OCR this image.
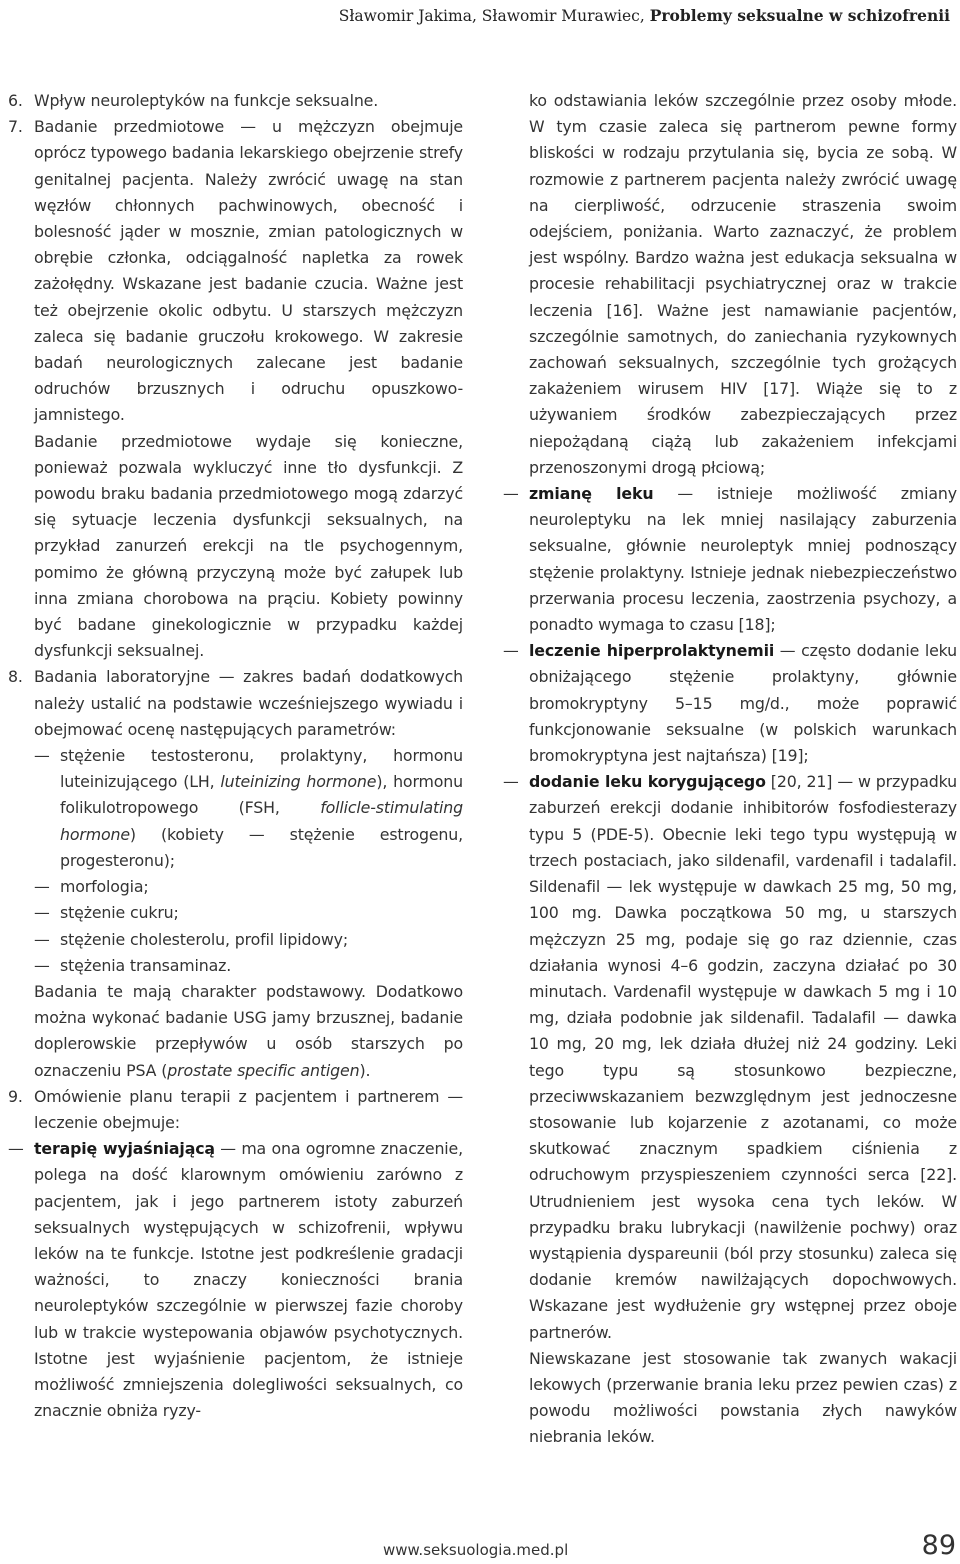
Sławomir Jakima, Sławomir Murawiec, Problemy seksualne w schizofrenii
6. Wpływ neuroleptyków na funkcje seksualne.
7. Badanie przedmiotowe — u mężczyzn obejmuje oprócz typowego badania lekarskiego obejrzenie strefy genitalnej pacjenta. Należy zwrócić uwagę na stan węzłów chłonnych pachwinowych, obecność i bolesność jąder w mosznie, zmian patologicznych w obrębie członka, odciągalność napletka za rowek zażołędny. Wskazane jest badanie czucia. Ważne jest też obejrzenie okolic odbytu. U starszych mężczyzn zaleca się badanie gruczołu krokowego. W zakresie badań neurologicznych zalecane jest badanie odruchów brzusznych i odruchu opuszkowo-jamnistego.

Badanie przedmiotowe wydaje się konieczne, ponieważ pozwala wykluczyć inne tło dysfunkcji. Z powodu braku badania przedmiotowego mogą zdarzyć się sytuacje leczenia dysfunkcji seksualnych, na przykład zanurzeń erekcji na tle psychogennym, pomimo że główną przyczyną może być załupek lub inna zmiana chorobowa na prąciu. Kobiety powinny być badane ginekologicznie w przypadku każdej dysfunkcji seksualnej.

8. Badania laboratoryjne — zakres badań dodatkowych należy ustalić na podstawie wcześniejszego wywiadu i obejmować ocenę następujących parametrów:
— stężenie testosteronu, prolaktyny, hormonu luteinizującego (LH, luteinizing hormone), hormonu folikulotropowego (FSH, follicle-stimulating hormone) (kobiety — stężenie estrogenu, progesteronu);
— morfologia;
— stężenie cukru;
— stężenie cholesterolu, profil lipidowy;
— stężenia transaminaz.

Badania te mają charakter podstawowy. Dodatkowo można wykonać badanie USG jamy brzusznej, badanie doplerowskie przepływów u osób starszych po oznaczeniu PSA (prostate specific antigen).

9. Omówienie planu terapii z pacjentem i partnerem — leczenie obejmuje:
— terapię wyjaśniającą — ma ona ogromne znaczenie, polega na dość klarownym omówieniu zarówno z pacjentem, jak i jego partnerem istoty zaburzeń seksualnych występujących w schizofrenii, wpływu leków na te funkcje. Istotne jest podkreślenie gradacji ważności, to znaczy konieczności brania neuroleptyków szczególnie w pierwszej fazie choroby lub w trakcie wystepowania objawów psychotycznych. Istotne jest wyjaśnienie pacjentom, że istnieje możliwość zmniejszenia dolegliwości seksualnych, co znacznie obniża ryzy-

ko odstawiania leków szczególnie przez osoby młode. W tym czasie zaleca się partnerom pewne formy bliskości w rodzaju przytulania się, bycia ze sobą. W rozmowie z partnerem pacjenta należy zwrócić uwagę na cierpliwość, odrzucenie straszenia swoim odejściem, poniżania. Warto zaznaczyć, że problem jest wspólny. Bardzo ważna jest edukacja seksualna w procesie rehabilitacji psychiatrycznej oraz w trakcie leczenia [16]. Ważne jest namawianie pacjentów, szczególnie samotnych, do zaniechania ryzykownych zachowań seksualnych, szczególnie tych grożących zakażeniem wirusem HIV [17]. Wiąże się to z używaniem środków zabezpieczających przez niepożądaną ciążą lub zakażeniem infekcjami przenoszonymi drogą płciową;

— zmianę leku — istnieje możliwość zmiany neuroleptyku na lek mniej nasilający zaburzenia seksualne, głównie neuroleptyk mniej podnoszący stężenie prolaktyny. Istnieje jednak niebezpieczeństwo przerwania procesu leczenia, zaostrzenia psychozy, a ponadto wymaga to czasu [18];
— leczenie hiperprolaktynemii — często dodanie leku obniżającego stężenie prolaktyny, głównie bromokryptyny 5–15 mg/d., może poprawić funkcjonowanie seksualne (w polskich warunkach bromokryptyna jest najtańsza) [19];
— dodanie leku korygującego [20, 21] — w przypadku zaburzeń erekcji dodanie inhibitorów fosfodiesterazy typu 5 (PDE-5). Obecnie leki tego typu występują w trzech postaciach, jako sildenafil, vardenafil i tadalafil. Sildenafil — lek występuje w dawkach 25 mg, 50 mg, 100 mg. Dawka początkowa 50 mg, u starszych mężczyzn 25 mg, podaje się go raz dziennie, czas działania wynosi 4–6 godzin, zaczyna działać po 30 minutach. Vardenafil występuje w dawkach 5 mg i 10 mg, działa podobnie jak sildenafil. Tadalafil — dawka 10 mg, 20 mg, lek działa dłużej niż 24 godziny. Leki tego typu są stosunkowo bezpieczne, przeciwwskazaniem bezwzględnym jest jednoczesne stosowanie lub kojarzenie z azotanami, co może skutkować znacznym spadkiem ciśnienia z odruchowym przyspieszeniem czynności serca [22]. Utrudnieniem jest wysoka cena tych leków. W przypadku braku lubrykacji (nawilżenie pochwy) oraz wystąpienia dyspareunii (ból przy stosunku) zaleca się dodanie kremów nawilżających dopochwowych. Wskazane jest wydłużenie gry wstępnej przez oboje partnerów.

Niewskazane jest stosowanie tak zwanych wakacji lekowych (przerwanie brania leku przez pewien czas) z powodu możliwości powstania złych nawyków niebrania leków.

www.seksuologia.med.pl	89
